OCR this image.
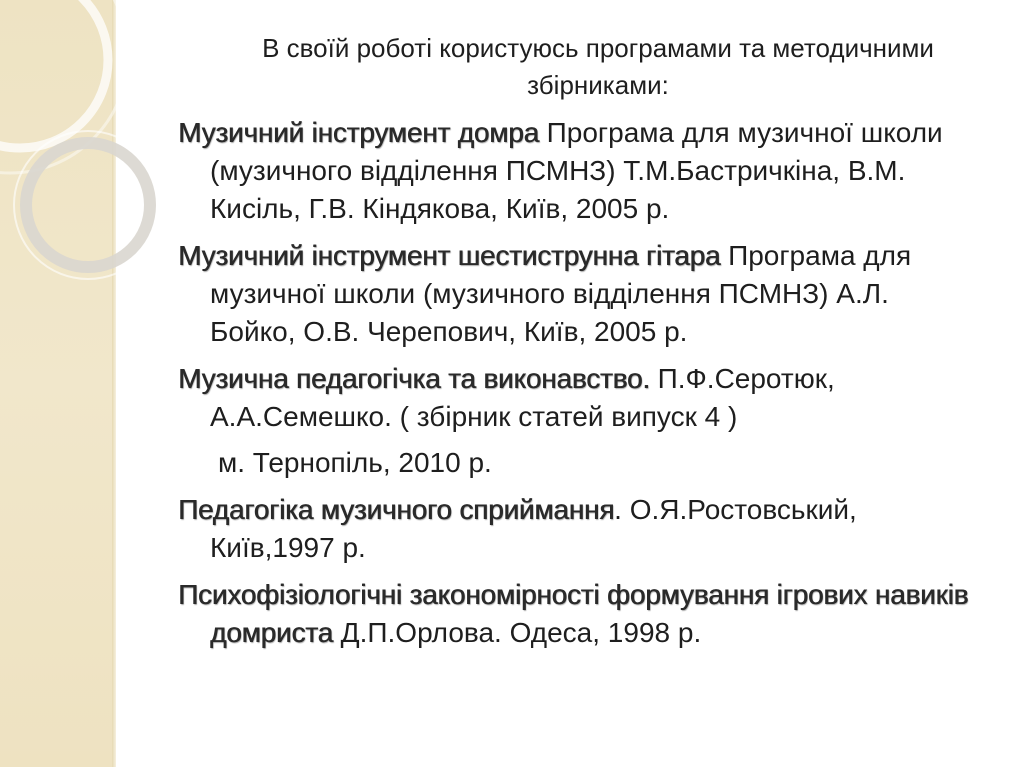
В своїй роботі користуюсь програмами та методичними збірниками:
Музичний інструмент домра Програма для музичної школи (музичного відділення ПСМНЗ) Т.М.Бастричкіна, В.М. Кисіль, Г.В. Кіндякова, Київ, 2005 р.
Музичний інструмент шестиструнна гітара Програма для музичної школи (музичного відділення ПСМНЗ) А.Л. Бойко, О.В. Черепович, Київ, 2005 р.
Музична педагогічка та виконавство. П.Ф.Серотюк, А.А.Семешко. ( збірник статей випуск 4 )
м. Тернопіль, 2010 р.
Педагогіка музичного сприймання. О.Я.Ростовський, Київ,1997 р.
Психофізіологічні закономірності формування ігрових навиків домриста Д.П.Орлова. Одеса, 1998 р.
